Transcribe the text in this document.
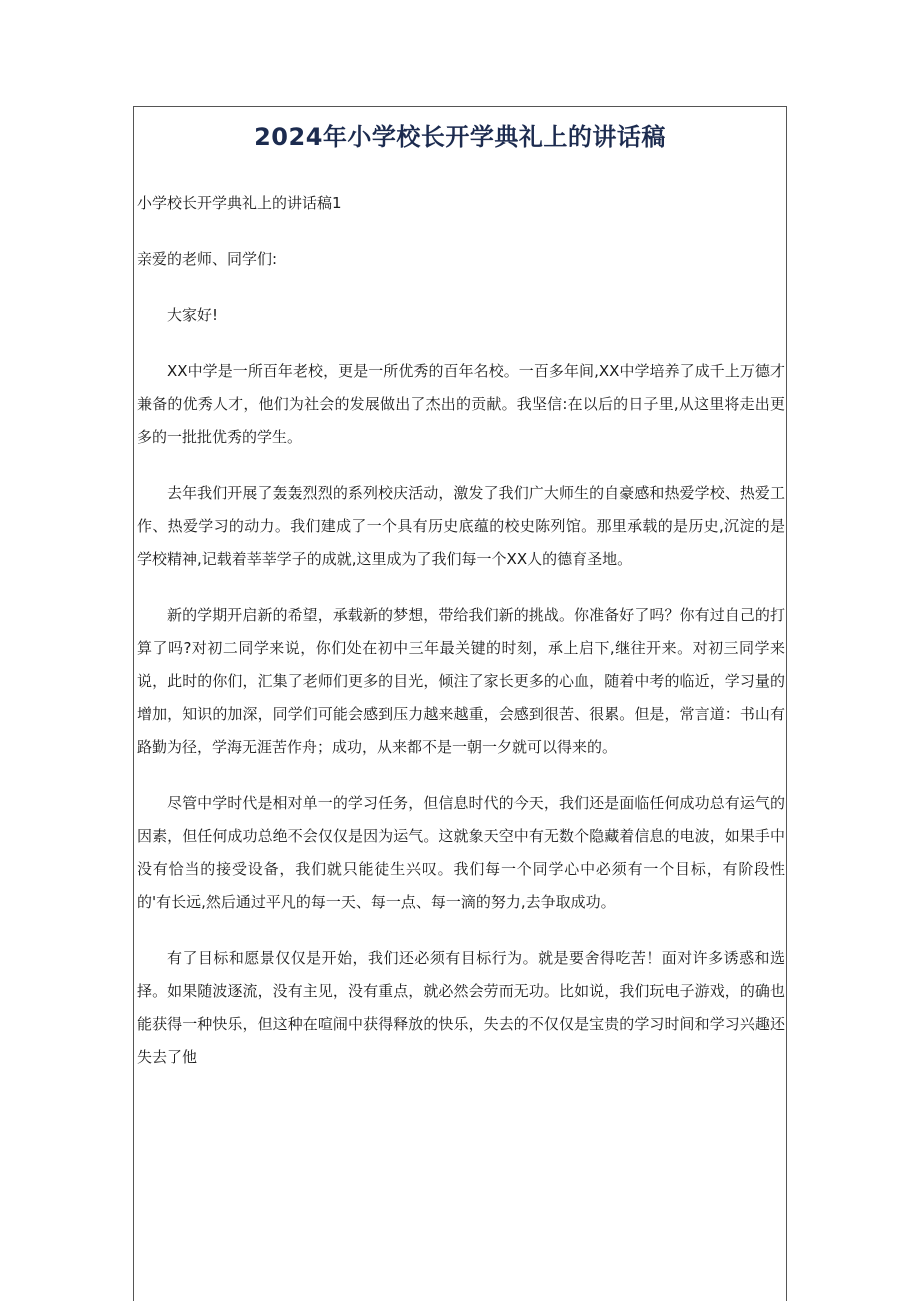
2024年小学校长开学典礼上的讲话稿

小学校长开学典礼上的讲话稿1

亲爱的老师、同学们:

大家好!

XX中学是一所百年老校，更是一所优秀的百年名校。一百多年间,XX中学培养了成千上万德才兼备的优秀人才，他们为社会的发展做出了杰出的贡献。我坚信:在以后的日子里,从这里将走出更多的一批批优秀的学生。

去年我们开展了轰轰烈烈的系列校庆活动，激发了我们广大师生的自豪感和热爱学校、热爱工作、热爱学习的动力。我们建成了一个具有历史底蕴的校史陈列馆。那里承载的是历史,沉淀的是学校精神,记载着莘莘学子的成就,这里成为了我们每一个XX人的德育圣地。

新的学期开启新的希望，承载新的梦想，带给我们新的挑战。你准备好了吗？你有过自己的打算了吗?对初二同学来说，你们处在初中三年最关键的时刻，承上启下,继往开来。对初三同学来说，此时的你们，汇集了老师们更多的目光，倾注了家长更多的心血，随着中考的临近，学习量的增加，知识的加深，同学们可能会感到压力越来越重，会感到很苦、很累。但是，常言道：书山有路勤为径，学海无涯苦作舟；成功，从来都不是一朝一夕就可以得来的。

尽管中学时代是相对单一的学习任务，但信息时代的今天，我们还是面临任何成功总有运气的因素，但任何成功总绝不会仅仅是因为运气。这就象天空中有无数个隐藏着信息的电波，如果手中没有恰当的接受设备，我们就只能徒生兴叹。我们每一个同学心中必须有一个目标，有阶段性的'有长远,然后通过平凡的每一天、每一点、每一滴的努力,去争取成功。

有了目标和愿景仅仅是开始，我们还必须有目标行为。就是要舍得吃苦！面对许多诱惑和选择。如果随波逐流，没有主见，没有重点，就必然会劳而无功。比如说，我们玩电子游戏，的确也能获得一种快乐，但这种在喧闹中获得释放的快乐，失去的不仅仅是宝贵的学习时间和学习兴趣还失去了他
